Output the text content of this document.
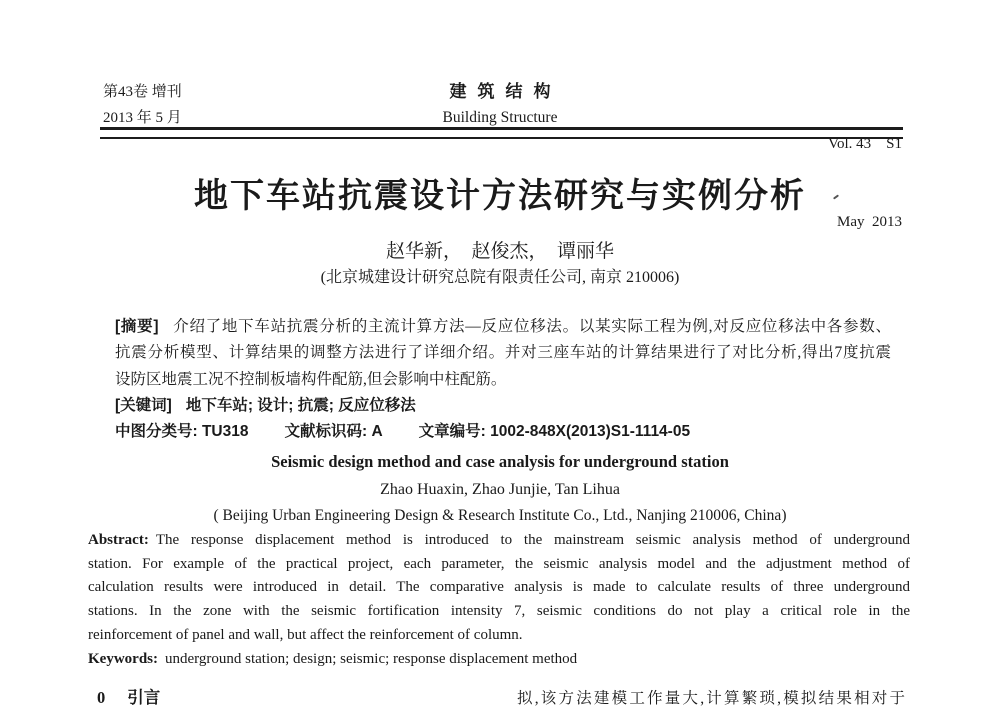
第43卷 增刊
2013 年 5 月
建筑结构
Building Structure

Vol. 43    S1

May  2013

地下车站抗震设计方法研究与实例分析
赵华新，  赵俊杰，  谭丽华
(北京城建设计研究总院有限责任公司, 南京 210006)
[摘要] 介绍了地下车站抗震分析的主流计算方法—反应位移法。以某实际工程为例,对反应位移法中各参数、
抗震分析模型、计算结果的调整方法进行了详细介绍。并对三座车站的计算结果进行了对比分析,得出7度抗震
设防区地震工况不控制板墙构件配筋,但会影响中柱配筋。
[关键词] 地下车站; 设计; 抗震; 反应位移法
中图分类号: TU318 文献标识码: A 文章编号: 1002-848X(2013)S1-1114-05
Seismic design method and case analysis for underground station
Zhao Huaxin, Zhao Junjie, Tan Lihua
( Beijing Urban Engineering Design & Research Institute Co., Ltd., Nanjing 210006, China)
Abstract: The response displacement method is introduced to the mainstream seismic analysis method of underground
station. For example of the practical project, each parameter, the seismic analysis model and the adjustment method of
calculation results were introduced in detail. The comparative analysis is made to calculate results of three underground
stations. In the zone with the seismic fortification intensity 7, seismic conditions do not play a critical role in the
reinforcement of panel and wall, but affect the reinforcement of column.
Keywords: underground station; design; seismic; response displacement method
0 引言	拟,该方法建模工作量大,计算繁琐,模拟结果相对于
